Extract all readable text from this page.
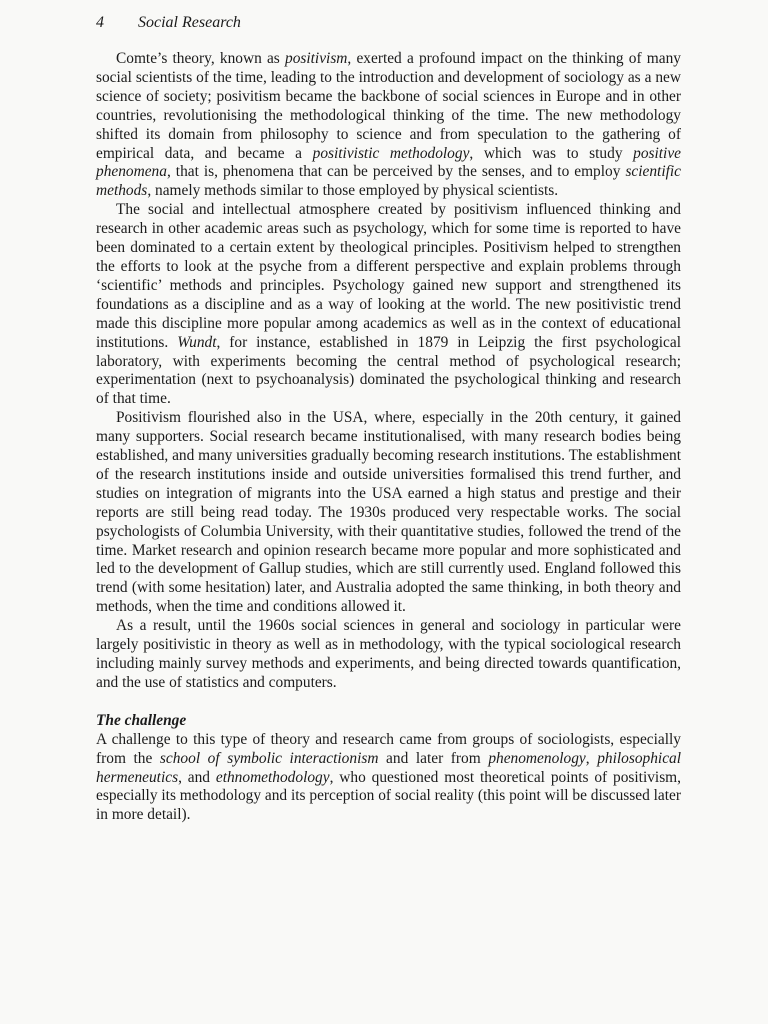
4 Social Research

Comte’s theory, known as positivism, exerted a profound impact on the thinking of many social scientists of the time, leading to the introduction and development of sociology as a new science of society; posivitism became the backbone of social sciences in Europe and in other countries, revolutionising the methodological thinking of the time. The new methodology shifted its domain from philosophy to science and from speculation to the gathering of empirical data, and became a positivistic methodology, which was to study positive phenomena, that is, phenomena that can be perceived by the senses, and to employ scientific methods, namely methods similar to those employed by physical scientists.

The social and intellectual atmosphere created by positivism influenced thinking and research in other academic areas such as psychology, which for some time is reported to have been dominated to a certain extent by theological principles. Positivism helped to strengthen the efforts to look at the psyche from a different perspective and explain problems through ‘scientific’ methods and principles. Psychology gained new support and strengthened its foundations as a discipline and as a way of looking at the world. The new positivistic trend made this discipline more popular among academics as well as in the context of educational institutions. Wundt, for instance, established in 1879 in Leipzig the first psychological laboratory, with experiments becoming the central method of psychological research; experimentation (next to psychoanalysis) dominated the psychological thinking and research of that time.

Positivism flourished also in the USA, where, especially in the 20th century, it gained many supporters. Social research became institutionalised, with many research bodies being established, and many universities gradually becoming research institutions. The establishment of the research institutions inside and outside universities formalised this trend further, and studies on integration of migrants into the USA earned a high status and prestige and their reports are still being read today. The 1930s produced very respectable works. The social psychologists of Columbia University, with their quantitative studies, followed the trend of the time. Market research and opinion research became more popular and more sophisticated and led to the development of Gallup studies, which are still currently used. England followed this trend (with some hesitation) later, and Australia adopted the same thinking, in both theory and methods, when the time and conditions allowed it.

As a result, until the 1960s social sciences in general and sociology in particular were largely positivistic in theory as well as in methodology, with the typical sociological research including mainly survey methods and experiments, and being directed towards quantification, and the use of statistics and computers.

The challenge

A challenge to this type of theory and research came from groups of sociologists, especially from the school of symbolic interactionism and later from phenomenology, philosophical hermeneutics, and ethnomethodology, who questioned most theoretical points of positivism, especially its methodology and its perception of social reality (this point will be discussed later in more detail).
